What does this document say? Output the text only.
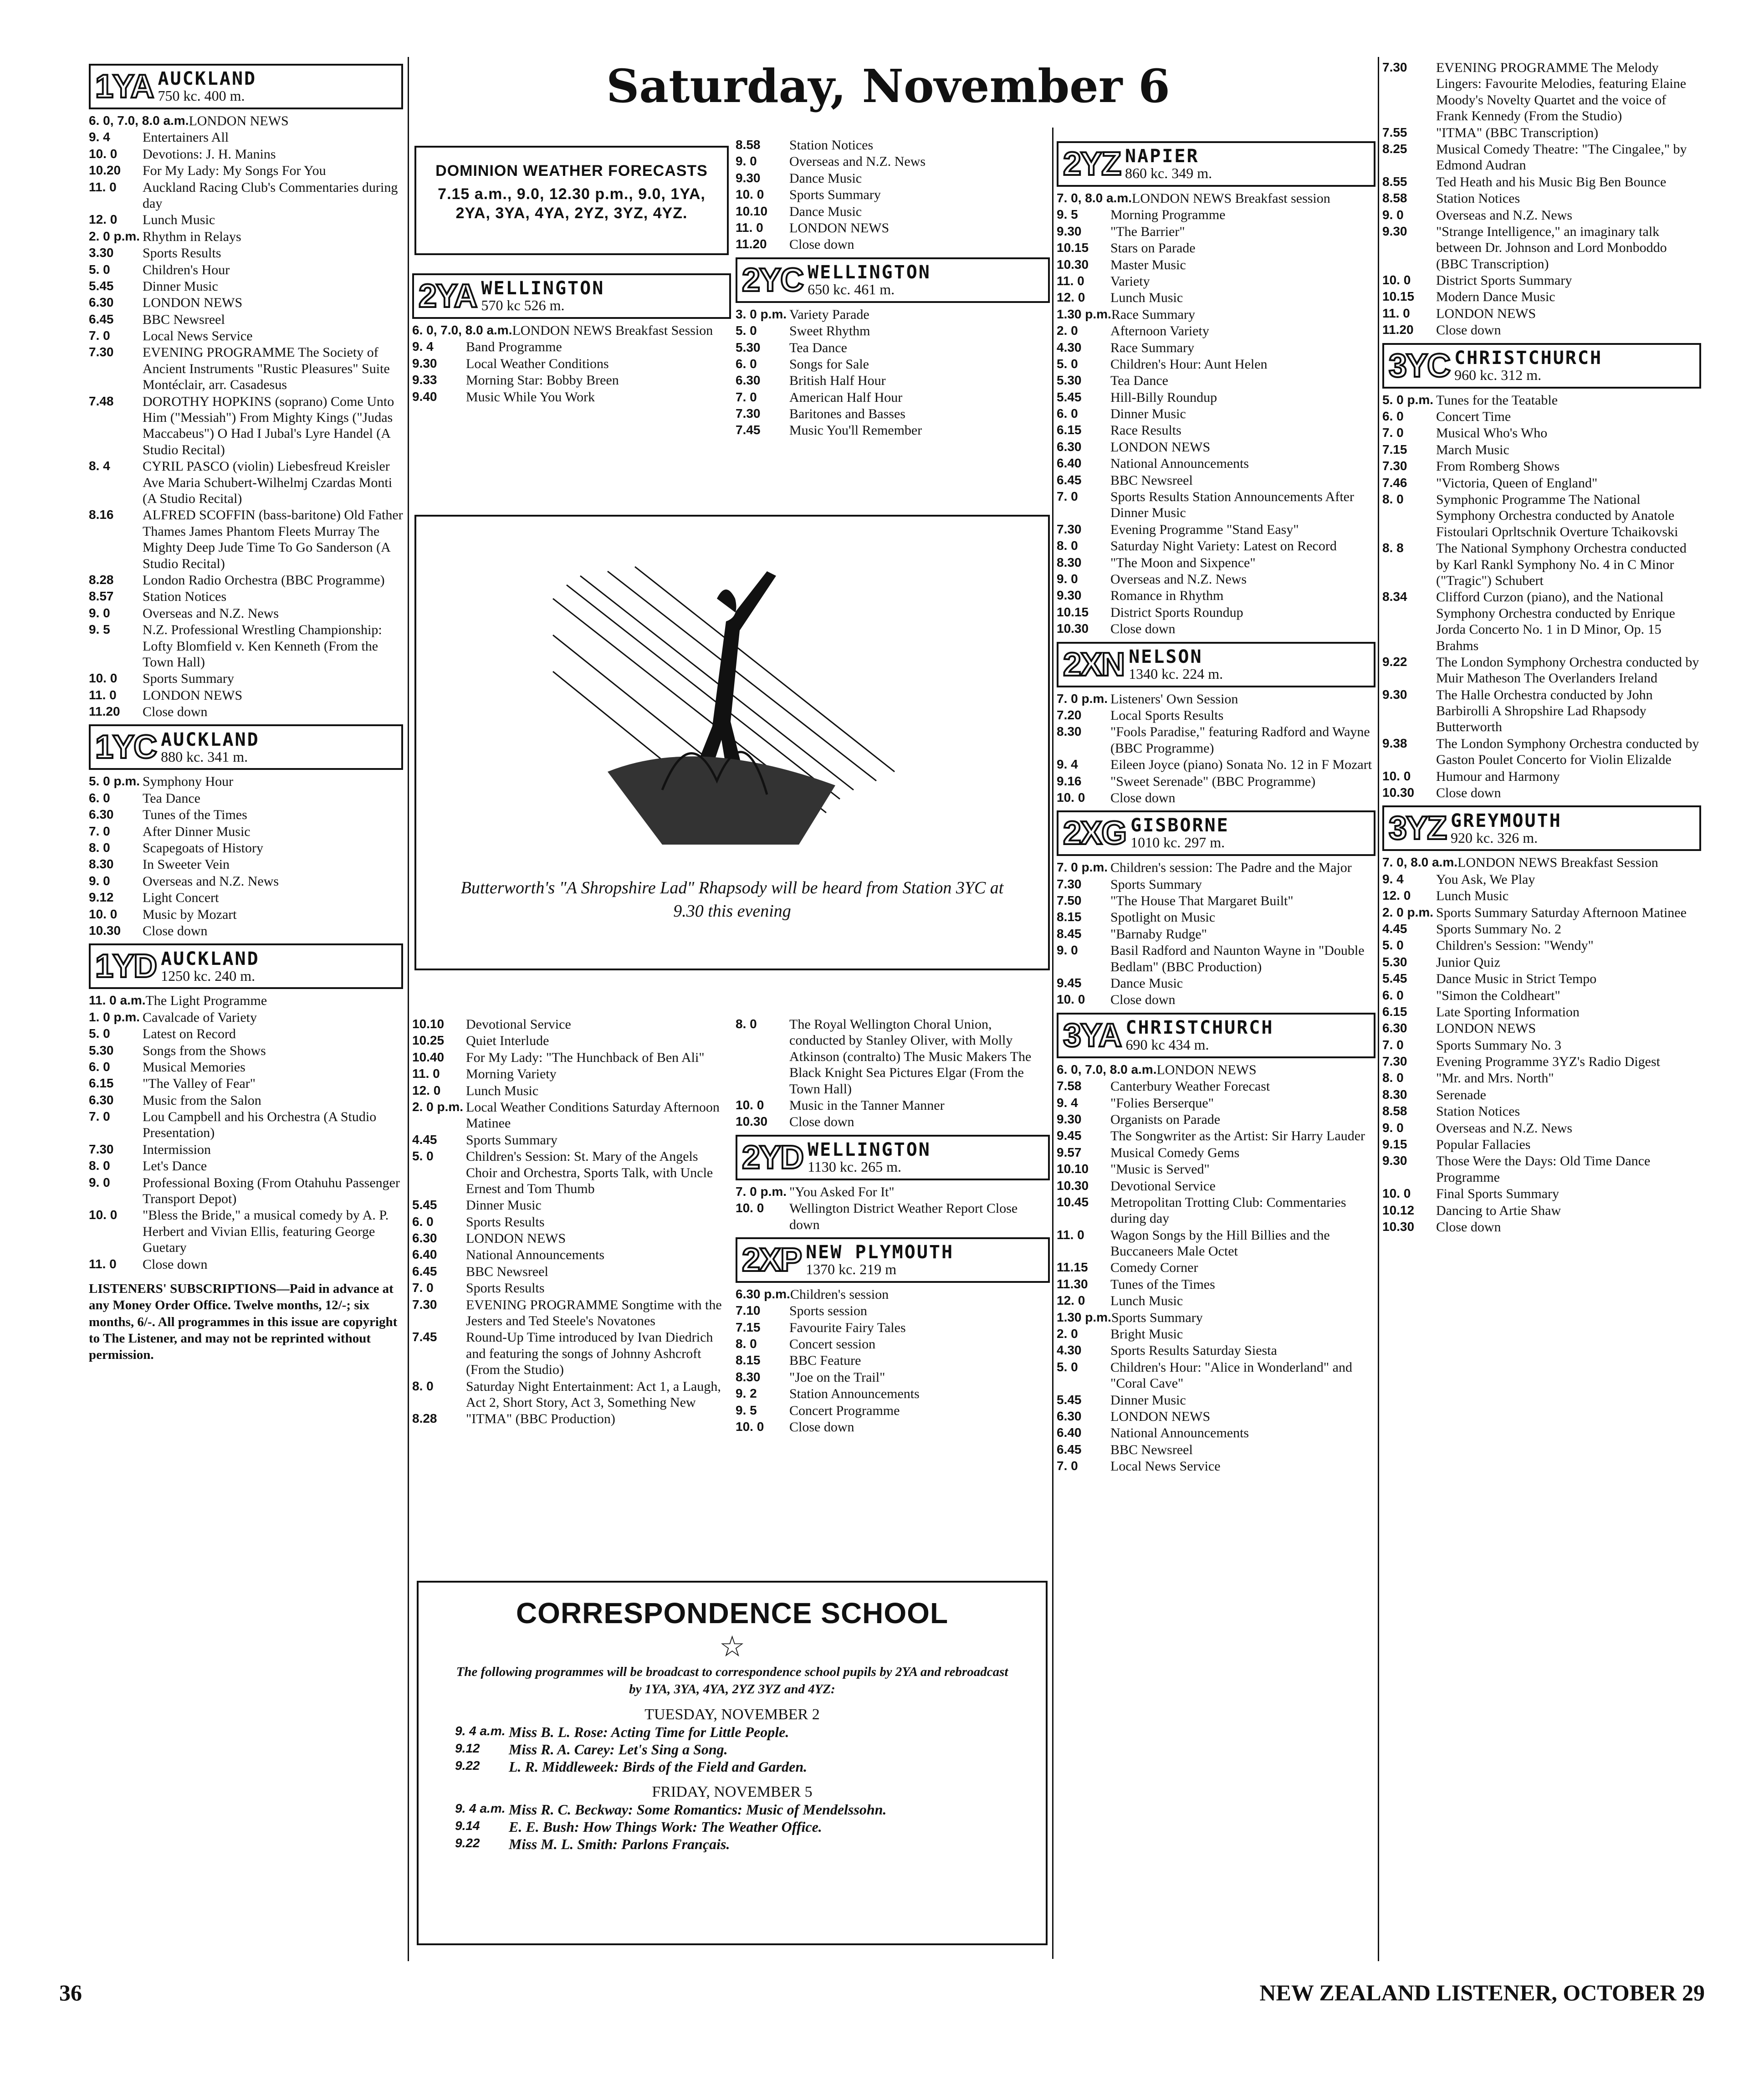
Saturday, November 6
1YA AUCKLAND
750 kc. 400 m.
6. 0, 7.0, 8.0 a.m. LONDON NEWS
9. 4	Entertainers All
10. 0	Devotions: J. H. Manins
10.20	For My Lady: My Songs For You
11. 0	Auckland Racing Club's Commentaries during day
12. 0	Lunch Music
2. 0 p.m. Rhythm in Relays
3.30	Sports Results
5. 0	Children's Hour
5.45	Dinner Music
6.30	LONDON NEWS
6.45	BBC Newsreel
7. 0	Local News Service
7.30	EVENING PROGRAMME The Society of Ancient Instruments "Rustic Pleasures" Suite Montéclair, arr. Casadesus
7.48	DOROTHY HOPKINS (soprano) Come Unto Him ("Messiah") From Mighty Kings ("Judas Maccabeus") O Had I Jubal's Lyre Handel (A Studio Recital)
8. 4	CYRIL PASCO (violin) Liebesfreud Kreisler Ave Maria Schubert-Wilhelmj Czardas Monti (A Studio Recital)
8.16	ALFRED SCOFFIN (bass-baritone) Old Father Thames James Phantom Fleets Murray The Mighty Deep Jude Time To Go Sanderson (A Studio Recital)
8.28	London Radio Orchestra (BBC Programme)
8.57	Station Notices
9. 0	Overseas and N.Z. News
9. 5	N.Z. Professional Wrestling Championship: Lofty Blomfield v. Ken Kenneth (From the Town Hall)
10. 0	Sports Summary
11. 0	LONDON NEWS
11.20	Close down
1YC AUCKLAND
880 kc. 341 m.
5. 0 p.m. Symphony Hour
6. 0	Tea Dance
6.30	Tunes of the Times
7. 0	After Dinner Music
8. 0	Scapegoats of History
8.30	In Sweeter Vein
9. 0	Overseas and N.Z. News
9.12	Light Concert
10. 0	Music by Mozart
10.30	Close down
1YD AUCKLAND
1250 kc. 240 m.
11. 0 a.m. The Light Programme
1. 0 p.m. Cavalcade of Variety
5. 0	Latest on Record
5.30	Songs from the Shows
6. 0	Musical Memories
6.15	"The Valley of Fear"
6.30	Music from the Salon
7. 0	Lou Campbell and his Orchestra (A Studio Presentation)
7.30	Intermission
8. 0	Let's Dance
9. 0	Professional Boxing (From Otahuhu Passenger Transport Depot)
10. 0	"Bless the Bride," a musical comedy by A. P. Herbert and Vivian Ellis, featuring George Guetary
11. 0	Close down
LISTENERS' SUBSCRIPTIONS—Paid in advance at any Money Order Office. Twelve months, 12/-; six months, 6/-. All programmes in this issue are copyright to The Listener, and may not be reprinted without permission.
2YA WELLINGTON
570 kc 526 m.
6. 0, 7.0, 8.0 a.m. LONDON NEWS Breakfast Session
9. 4	Band Programme
9.30	Local Weather Conditions
9.33	Morning Star: Bobby Breen
9.40	Music While You Work
8.58	Station Notices
9. 0	Overseas and N.Z. News
9.30	Dance Music
10. 0	Sports Summary
10.10	Dance Music
11. 0	LONDON NEWS
11.20	Close down
2YC WELLINGTON
650 kc. 461 m.
3. 0 p.m. Variety Parade
5. 0	Sweet Rhythm
5.30	Tea Dance
6. 0	Songs for Sale
6.30	British Half Hour
7. 0	American Half Hour
7.30	Baritones and Basses
7.45	Music You'll Remember
Butterworth's "A Shropshire Lad" Rhapsody will be heard from Station 3YC at 9.30 this evening
DOMINION WEATHER FORECASTS
7.15 a.m., 9.0, 12.30 p.m., 9.0, 1YA, 2YA, 3YA, 4YA, 2YZ, 3YZ, 4YZ.
10.10	Devotional Service
10.25	Quiet Interlude
10.40	For My Lady: "The Hunchback of Ben Ali"
11. 0	Morning Variety
12. 0	Lunch Music
2. 0 p.m. Local Weather Conditions Saturday Afternoon Matinee
4.45	Sports Summary
5. 0	Children's Session: St. Mary of the Angels Choir and Orchestra, Sports Talk, with Uncle Ernest and Tom Thumb
5.45	Dinner Music
6. 0	Sports Results
6.30	LONDON NEWS
6.40	National Announcements
6.45	BBC Newsreel
7. 0	Sports Results
7.30	EVENING PROGRAMME Songtime with the Jesters and Ted Steele's Novatones
7.45	Round-Up Time introduced by Ivan Diedrich and featuring the songs of Johnny Ashcroft (From the Studio)
8. 0	Saturday Night Entertainment: Act 1, a Laugh, Act 2, Short Story, Act 3, Something New
8.28	"ITMA" (BBC Production)
8. 0	The Royal Wellington Choral Union, conducted by Stanley Oliver, with Molly Atkinson (contralto) The Music Makers The Black Knight Sea Pictures Elgar (From the Town Hall)
10. 0	Music in the Tanner Manner
10.30	Close down
2YD WELLINGTON
1130 kc. 265 m.
7. 0 p.m. "You Asked For It"
10. 0	Wellington District Weather Report Close down
2XP NEW PLYMOUTH
1370 kc. 219 m
6.30 p.m. Children's session
7.10	Sports session
7.15	Favourite Fairy Tales
8. 0	Concert session
8.15	BBC Feature
8.30	"Joe on the Trail"
9. 2	Station Announcements
9. 5	Concert Programme
10. 0	Close down
CORRESPONDENCE SCHOOL
☆
The following programmes will be broadcast to correspondence school pupils by 2YA and rebroadcast by 1YA, 3YA, 4YA, 2YZ 3YZ and 4YZ:
TUESDAY, NOVEMBER 2
9. 4 a.m. Miss B. L. Rose: Acting Time for Little People.
9.12	Miss R. A. Carey: Let's Sing a Song.
9.22	L. R. Middleweek: Birds of the Field and Garden.
FRIDAY, NOVEMBER 5
9. 4 a.m. Miss R. C. Beckway: Some Romantics: Music of Mendelssohn.
9.14	E. E. Bush: How Things Work: The Weather Office.
9.22	Miss M. L. Smith: Parlons Français.
2YZ NAPIER
860 kc. 349 m.
7. 0, 8.0 a.m. LONDON NEWS Breakfast session
9. 5	Morning Programme
9.30	"The Barrier"
10.15	Stars on Parade
10.30	Master Music
11. 0	Variety
12. 0	Lunch Music
1.30 p.m. Race Summary
2. 0	Afternoon Variety
4.30	Race Summary
5. 0	Children's Hour: Aunt Helen
5.30	Tea Dance
5.45	Hill-Billy Roundup
6. 0	Dinner Music
6.15	Race Results
6.30	LONDON NEWS
6.40	National Announcements
6.45	BBC Newsreel
7. 0	Sports Results Station Announcements After Dinner Music
7.30	Evening Programme "Stand Easy"
8. 0	Saturday Night Variety: Latest on Record
8.30	"The Moon and Sixpence"
9. 0	Overseas and N.Z. News
9.30	Romance in Rhythm
10.15	District Sports Roundup
10.30	Close down
2XN NELSON
1340 kc. 224 m.
7. 0 p.m. Listeners' Own Session
7.20	Local Sports Results
8.30	"Fools Paradise," featuring Radford and Wayne (BBC Programme)
9. 4	Eileen Joyce (piano) Sonata No. 12 in F Mozart
9.16	"Sweet Serenade" (BBC Programme)
10. 0	Close down
2XG GISBORNE
1010 kc. 297 m.
7. 0 p.m. Children's session: The Padre and the Major
7.30	Sports Summary
7.50	"The House That Margaret Built"
8.15	Spotlight on Music
8.45	"Barnaby Rudge"
9. 0	Basil Radford and Naunton Wayne in "Double Bedlam" (BBC Production)
9.45	Dance Music
10. 0	Close down
3YA CHRISTCHURCH
690 kc 434 m.
6. 0, 7.0, 8.0 a.m. LONDON NEWS
7.58	Canterbury Weather Forecast
9. 4	"Folies Berserque"
9.30	Organists on Parade
9.45	The Songwriter as the Artist: Sir Harry Lauder
9.57	Musical Comedy Gems
10.10	"Music is Served"
10.30	Devotional Service
10.45	Metropolitan Trotting Club: Commentaries during day
11. 0	Wagon Songs by the Hill Billies and the Buccaneers Male Octet
11.15	Comedy Corner
11.30	Tunes of the Times
12. 0	Lunch Music
1.30 p.m. Sports Summary
2. 0	Bright Music
4.30	Sports Results Saturday Siesta
5. 0	Children's Hour: "Alice in Wonderland" and "Coral Cave"
5.45	Dinner Music
6.30	LONDON NEWS
6.40	National Announcements
6.45	BBC Newsreel
7. 0	Local News Service
7.30	EVENING PROGRAMME The Melody Lingers: Favourite Melodies, featuring Elaine Moody's Novelty Quartet and the voice of Frank Kennedy (From the Studio)
7.55	"ITMA" (BBC Transcription)
8.25	Musical Comedy Theatre: "The Cingalee," by Edmond Audran
8.55	Ted Heath and his Music Big Ben Bounce
8.58	Station Notices
9. 0	Overseas and N.Z. News
9.30	"Strange Intelligence," an imaginary talk between Dr. Johnson and Lord Monboddo (BBC Transcription)
10. 0	District Sports Summary
10.15	Modern Dance Music
11. 0	LONDON NEWS
11.20	Close down
3YC CHRISTCHURCH
960 kc. 312 m.
5. 0 p.m. Tunes for the Teatable
6. 0	Concert Time
7. 0	Musical Who's Who
7.15	March Music
7.30	From Romberg Shows
7.46	"Victoria, Queen of England"
8. 0	Symphonic Programme The National Symphony Orchestra conducted by Anatole Fistoulari Oprltschnik Overture Tchaikovski
8. 8	The National Symphony Orchestra conducted by Karl Rankl Symphony No. 4 in C Minor ("Tragic") Schubert
8.34	Clifford Curzon (piano), and the National Symphony Orchestra conducted by Enrique Jorda Concerto No. 1 in D Minor, Op. 15 Brahms
9.22	The London Symphony Orchestra conducted by Muir Matheson The Overlanders Ireland
9.30	The Halle Orchestra conducted by John Barbirolli A Shropshire Lad Rhapsody Butterworth
9.38	The London Symphony Orchestra conducted by Gaston Poulet Concerto for Violin Elizalde
10. 0	Humour and Harmony
10.30	Close down
3YZ GREYMOUTH
920 kc. 326 m.
7. 0, 8.0 a.m. LONDON NEWS Breakfast Session
9. 4	You Ask, We Play
12. 0	Lunch Music
2. 0 p.m. Sports Summary Saturday Afternoon Matinee
4.45	Sports Summary No. 2
5. 0	Children's Session: "Wendy"
5.30	Junior Quiz
5.45	Dance Music in Strict Tempo
6. 0	"Simon the Coldheart"
6.15	Late Sporting Information
6.30	LONDON NEWS
7. 0	Sports Summary No. 3
7.30	Evening Programme 3YZ's Radio Digest
8. 0	"Mr. and Mrs. North"
8.30	Serenade
8.58	Station Notices
9. 0	Overseas and N.Z. News
9.15	Popular Fallacies
9.30	Those Were the Days: Old Time Dance Programme
10. 0	Final Sports Summary
10.12	Dancing to Artie Shaw
10.30	Close down
36	NEW ZEALAND LISTENER, OCTOBER 29
